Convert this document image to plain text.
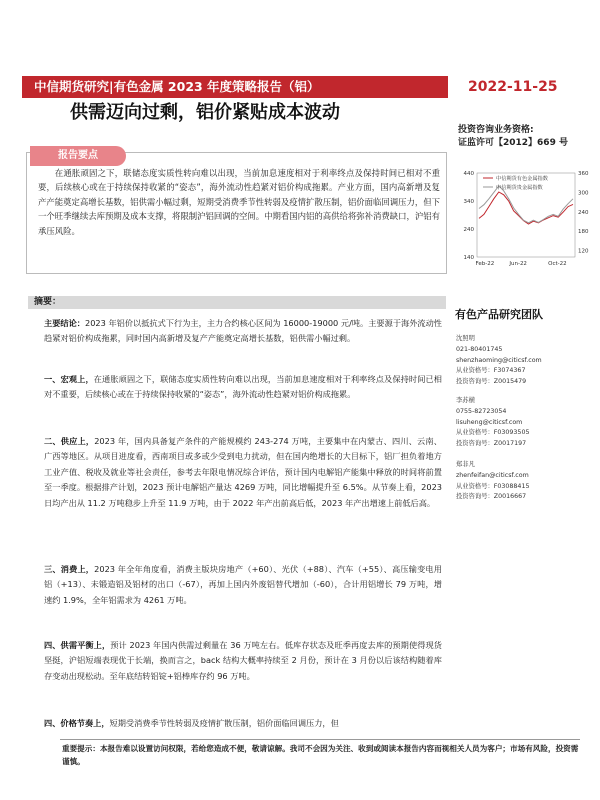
中信期货研究|有色金属 2023 年度策略报告（铝）	2022-11-25
供需迈向过剩，铝价紧贴成本波动
投资咨询业务资格:
证监许可【2012】669 号
报告要点
在通胀顽固之下，联储态度实质性转向难以出现，当前加息速度相对于利率终点及保持时间已相对不重要，后续核心或在于持续保持收紧的“姿态”，海外流动性趋紧对铝价构成拖累。产业方面，国内高新增及复产产能奠定高增长基数，铝供需小幅过剩，短期受消费季节性转弱及疫情扩散压制，铝价面临回调压力，但下一个旺季继续去库预期及成本支撑，将限制沪铝回调的空间。中期看国内铝的高供给将弥补消费缺口，沪铝有承压风险。
440
340
240
140
360
300
240
180
120
Feb-22	Jun-22	Oct-22
中信期货有色金属指数
中信期货贵金属指数
摘要：
有色产品研究团队
沈照明
021-80401745
shenzhaoming@citicsf.com
从业资格号：F3074367
投资咨询号：Z0015479
李苏横
0755-82723054
lisuheng@citicsf.com
从业资格号：F03093505
投资咨询号：Z0017197
郑非凡
zhenfeifan@citicsf.com
从业资格号：F03088415
投资咨询号：Z0016667
主要结论：2023 年铝价以抵抗式下行为主，主力合约核心区间为 16000-19000 元/吨。主要源于海外流动性趋紧对铝价构成拖累，同时国内高新增及复产产能奠定高增长基数，铝供需小幅过剩。
一、宏观上，在通胀顽固之下，联储态度实质性转向难以出现，当前加息速度相对于利率终点及保持时间已相对不重要，后续核心或在于持续保持收紧的“姿态”，海外流动性趋紧对铝价构成拖累。
二、供应上，2023 年，国内具备复产条件的产能规模约 243-274 万吨，主要集中在内蒙古、四川、云南、广西等地区。从项目进度看，西南项目或多或少受到电力扰动，但在国内绝增长的大目标下，铝厂担负着地方工业产值、税收及就业等社会责任，参考去年限电情况综合评估，预计国内电解铝产能集中释放的时间将前置至一季度。根据排产计划，2023 预计电解铝产量达 4269 万吨，同比增幅提升至 6.5%。从节奏上看，2023 日均产出从 11.2 万吨稳步上升至 11.9 万吨，由于 2022 年产出前高后低，2023 年产出增速上前低后高。
三、消费上，2023 年全年角度看，消费主版块房地产（+60）、光伏（+88）、汽车（+55）、高压输变电用铝（+13）、未锻造铝及铝材的出口（-67），再加上国内外废铝替代增加（-60），合计用铝增长 79 万吨，增速约 1.9%，全年铝需求为 4261 万吨。
四、供需平衡上，预计 2023 年国内供需过剩量在 36 万吨左右。低库存状态及旺季再度去库的预期使得现货坚挺，沪铝短端表现优于长端，换而言之，back 结构大概率持续至 2 月份，预计在 3 月份以后该结构随着库存变动出现松动。至年底结转铝锭+铝棒库存约 96 万吨。
四、价格节奏上，短期受消费季节性转弱及疫情扩散压制，铝价面临回调压力，但
重要提示：本报告难以设置访问权限，若给您造成不便，敬请谅解。我司不会因为关注、收到或阅读本报告内容而视相关人员为客户；市场有风险，投资需谨慎。
